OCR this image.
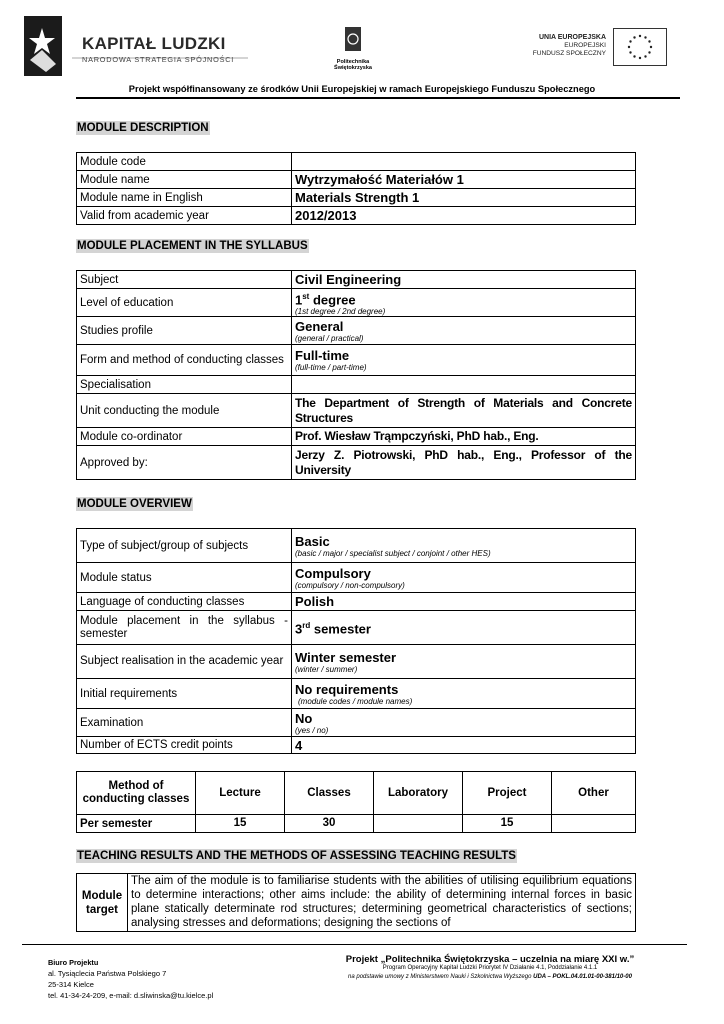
KAPITAŁ LUDZKI
NARODOWA STRATEGIA SPÓJNOŚCI	Politechnika Świętokrzyska
UNIA EUROPEJSKA
EUROPEJSKI
FUNDUSZ SPOŁECZNY
Projekt współfinansowany ze środków Unii Europejskiej w ramach Europejskiego Funduszu Społecznego
MODULE DESCRIPTION
Module code	
Module name	Wytrzymałość Materiałów 1
Module name in English	Materials Strength 1
Valid from academic year	2012/2013
MODULE PLACEMENT IN THE SYLLABUS
Subject	Civil Engineering
Level of education	1st degree
(1st degree / 2nd degree)

Studies profile	General
(general / practical)

Form and method of conducting classes	Full-time
(full-time / part-time)

Specialisation	
Unit conducting the module	The Department of Strength of Materials and Concrete Structures
Module co-ordinator	Prof. Wiesław Trąmpczyński, PhD hab., Eng.
Approved by:	Jerzy Z. Piotrowski, PhD hab., Eng., Professor of the University
MODULE OVERVIEW
Type of subject/group of subjects	Basic
(basic / major / specialist subject / conjoint / other HES)

Module status	Compulsory
(compulsory / non-compulsory)

Language of conducting classes	Polish
Module placement in the syllabus - semester	3rd semester
Subject realisation in the academic year	Winter semester
(winter / summer)

Initial requirements	No requirements
(module codes / module names)

Examination	No
(yes / no)

Number of ECTS credit points	4
Method of conducting classes	Lecture	Classes	Laboratory	Project	Other
Per semester	15	30		15	
TEACHING RESULTS AND THE METHODS OF ASSESSING TEACHING RESULTS
Module target	The aim of the module is to familiarise students with the abilities of utilising equilibrium equations to determine interactions; other aims include: the ability of determining internal forces in basic plane statically determinate rod structures; determining geometrical characteristics of sections; analysing stresses and deformations; designing the sections of
Biuro Projektu
al. Tysiąclecia Państwa Polskiego 7
25-314 Kielce
tel. 41-34-24-209, e-mail: d.sliwinska@tu.kielce.pl
Projekt „Politechnika Świętokrzyska – uczelnia na miarę XXI w.”
Program Operacyjny Kapitał Ludzki Priorytet IV Działanie 4.1, Poddziałanie 4.1.1
na podstawie umowy z Ministerstwem Nauki i Szkolnictwa Wyższego UDA – POKL.04.01.01-00-381/10-00
